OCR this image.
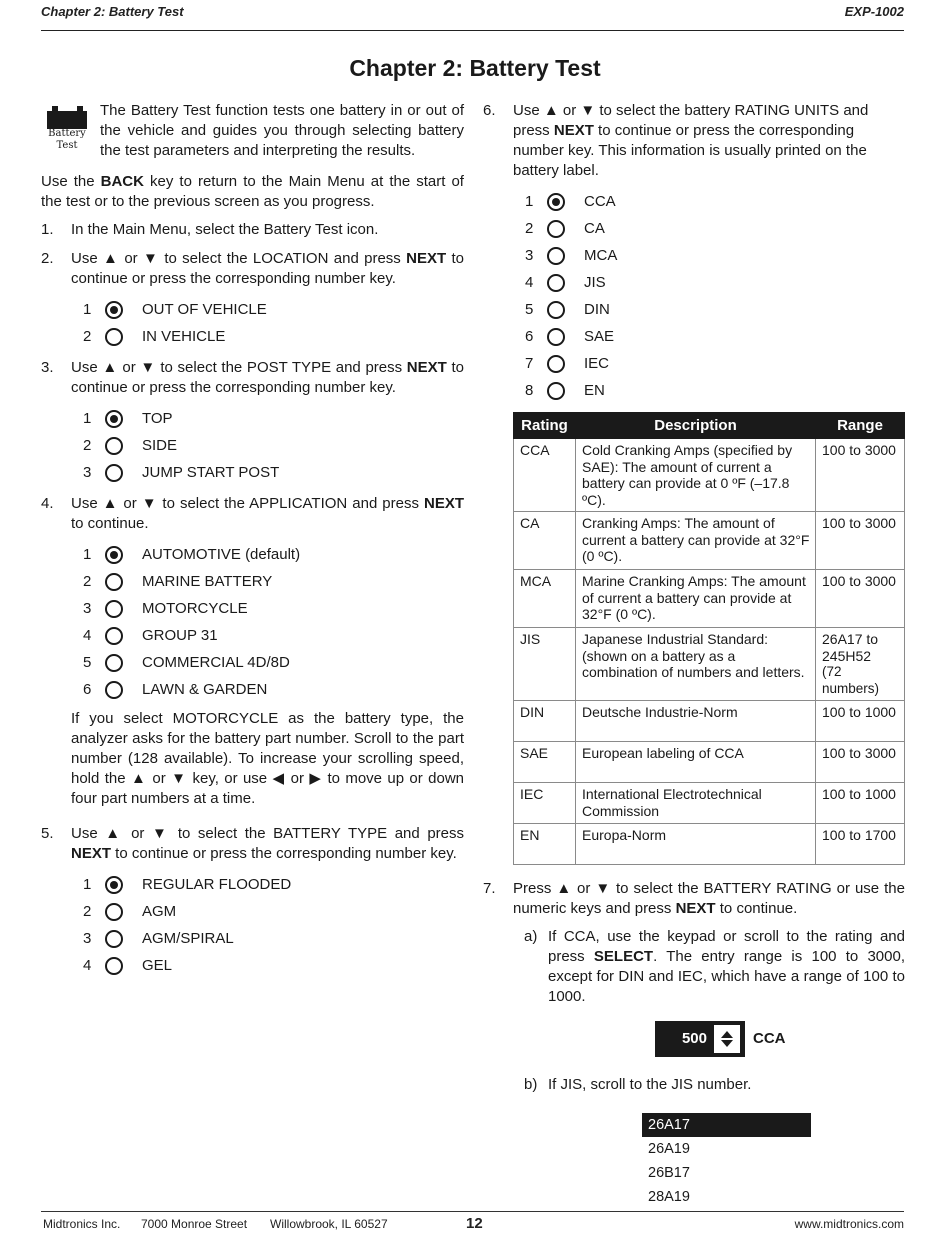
Chapter 2: Battery Test	EXP-1002
Chapter 2: Battery Test
Battery
Test

The Battery Test function tests one battery in or out of the vehicle and guides you through selecting battery the test parameters and interpreting the results.

Use the BACK key to return to the Main Menu at the start of the test or to the previous screen as you progress.

1. In the Main Menu, select the Battery Test icon.

2. Use ▲ or ▼ to select the LOCATION and press NEXT to continue or press the corresponding number key.

1	OUT OF VEHICLE
2	IN VEHICLE
3. Use ▲ or ▼ to select the POST TYPE and press NEXT to continue or press the corresponding number key.

1	TOP
2	SIDE
3	JUMP START POST
4. Use ▲ or ▼ to select the APPLICATION and press NEXT to continue.

1	AUTOMOTIVE (default)
2	MARINE BATTERY
3	MOTORCYCLE
4	GROUP 31
5	COMMERCIAL 4D/8D
6	LAWN & GARDEN

If you select MOTORCYCLE as the battery type, the analyzer asks for the battery part number. Scroll to the part number (128 available). To increase your scrolling speed, hold the ▲ or ▼ key, or use ◀ or ▶ to move up or down four part numbers at a time.

5. Use ▲ or ▼ to select the BATTERY TYPE and press NEXT to continue or press the corresponding number key.

1	REGULAR FLOODED
2	AGM
3	AGM/SPIRAL
4	GEL
6. Use ▲ or ▼ to select the battery RATING UNITS and press NEXT to continue or press the corresponding number key. This information is usually printed on the battery label.

1	CCA
2	CA
3	MCA
4	JIS
5	DIN
6	SAE
7	IEC
8	EN
Rating	Description	Range
CCA	Cold Cranking Amps (specified by SAE): The amount of current a battery can provide at 0 ºF (–17.8 ºC).	100 to 3000
CA	Cranking Amps: The amount of current a battery can provide at 32°F (0 ºC).	100 to 3000
MCA	Marine Cranking Amps: The amount of current a battery can provide at 32°F (0 ºC).	100 to 3000
JIS	Japanese Industrial Standard: (shown on a battery as a combination of numbers and letters.	26A17 to 245H52
(72 numbers)

DIN	Deutsche Industrie-Norm	100 to 1000
SAE	European labeling of CCA	100 to 3000
IEC	International Electrotechnical Commission	100 to 1000
EN	Europa-Norm	100 to 1700
7. Press ▲ or ▼ to select the BATTERY RATING or use the numeric keys and press NEXT to continue.

a) If CCA, use the keypad or scroll to the rating and press SELECT. The entry range is 100 to 3000, except for DIN and IEC, which have a range of 100 to 1000.

500	CCA
b) If JIS, scroll to the JIS number.

26A17
26A19
26B17
28A19
Midtronics Inc. 7000 Monroe Street Willowbrook, IL 60527	12	www.midtronics.com
